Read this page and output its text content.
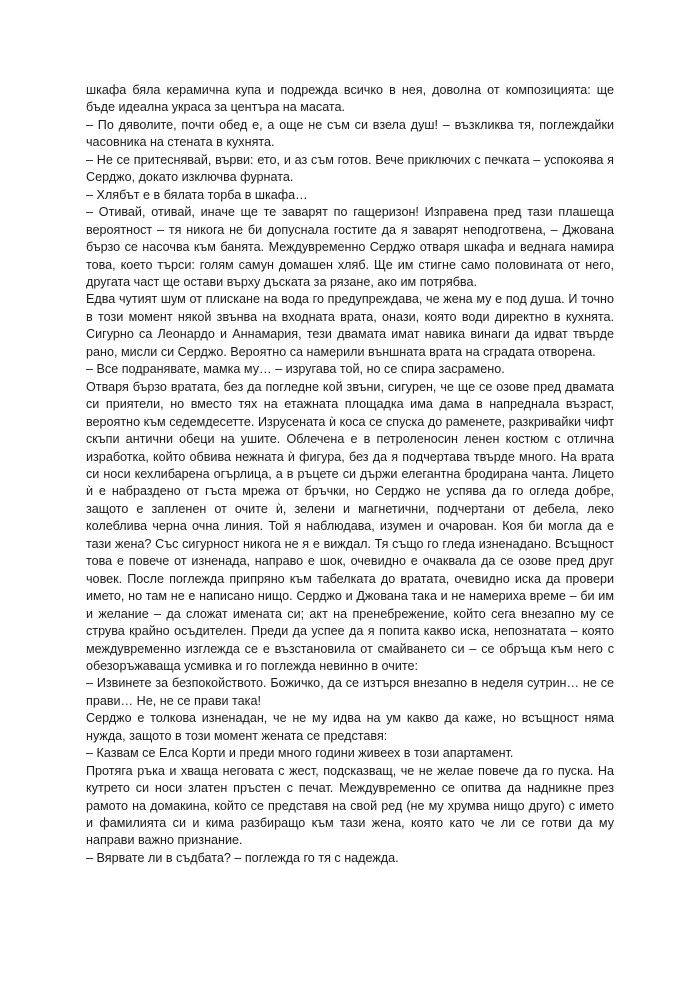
шкафа бяла керамична купа и подрежда всичко в нея, доволна от композицията: ще бъде идеална украса за центъра на масата.

– По дяволите, почти обед е, а още не съм си взела душ! – възкликва тя, поглеждайки часовника на стената в кухнята.

– Не се притеснявай, върви: ето, и аз съм готов. Вече приключих с печката – успокоява я Серджо, докато изключва фурната.

– Хлябът е в бялата торба в шкафа…

– Отивай, отивай, иначе ще те заварят по гащеризон! Изправена пред тази плашеща вероятност – тя никога не би допуснала гостите да я заварят неподготвена, – Джована бързо се насочва към банята. Междувременно Серджо отваря шкафа и веднага намира това, което търси: голям самун домашен хляб. Ще им стигне само половината от него, другата част ще остави върху дъската за рязане, ако им потрябва.

Едва чутият шум от плискане на вода го предупреждава, че жена му е под душа. И точно в този момент някой звънва на входната врата, онази, която води директно в кухнята. Сигурно са Леонардо и Аннамария, тези двамата имат навика винаги да идват твърде рано, мисли си Серджо. Вероятно са намерили външната врата на сградата отворена.

– Все подранявате, мамка му… – изругава той, но се спира засрамено.

Отваря бързо вратата, без да погледне кой звъни, сигурен, че ще се озове пред двамата си приятели, но вместо тях на етажната площадка има дама в напреднала възраст, вероятно към седемдесетте. Изрусената ѝ коса се спуска до раменете, разкривайки чифт скъпи антични обеци на ушите. Облечена е в петроленосин ленен костюм с отлична изработка, който обвива нежната ѝ фигура, без да я подчертава твърде много. На врата си носи кехлибарена огърлица, а в ръцете си държи елегантна бродирана чанта. Лицето ѝ е набраздено от гъста мрежа от бръчки, но Серджо не успява да го огледа добре, защото е запленен от очите ѝ, зелени и магнетични, подчертани от дебела, леко колеблива черна очна линия. Той я наблюдава, изумен и очарован. Коя би могла да е тази жена? Със сигурност никога не я е виждал. Тя също го гледа изненадано. Всъщност това е повече от изненада, направо е шок, очевидно е очаквала да се озове пред друг човек. После поглежда припряно към табелката до вратата, очевидно иска да провери името, но там не е написано нищо. Серджо и Джована така и не намериха време – би им и желание – да сложат имената си; акт на пренебрежение, който сега внезапно му се струва крайно осъдителен. Преди да успее да я попита какво иска, непознатата – която междувременно изглежда се е възстановила от смайването си – се обръща към него с обезоръжаваща усмивка и го поглежда невинно в очите:

– Извинете за безпокойството. Божичко, да се изтърся внезапно в неделя сутрин… не се прави… Не, не се прави така!

Серджо е толкова изненадан, че не му идва на ум какво да каже, но всъщност няма нужда, защото в този момент жената се представя:

– Казвам се Елса Корти и преди много години живеех в този апартамент.

Протяга ръка и хваща неговата с жест, подсказващ, че не желае повече да го пуска. На кутрето си носи златен пръстен с печат. Междувременно се опитва да надникне през рамото на домакина, който се представя на свой ред (не му хрумва нищо друго) с името и фамилията си и кима разбиращо към тази жена, която като че ли се готви да му направи важно признание.

– Вярвате ли в съдбата? – поглежда го тя с надежда.
